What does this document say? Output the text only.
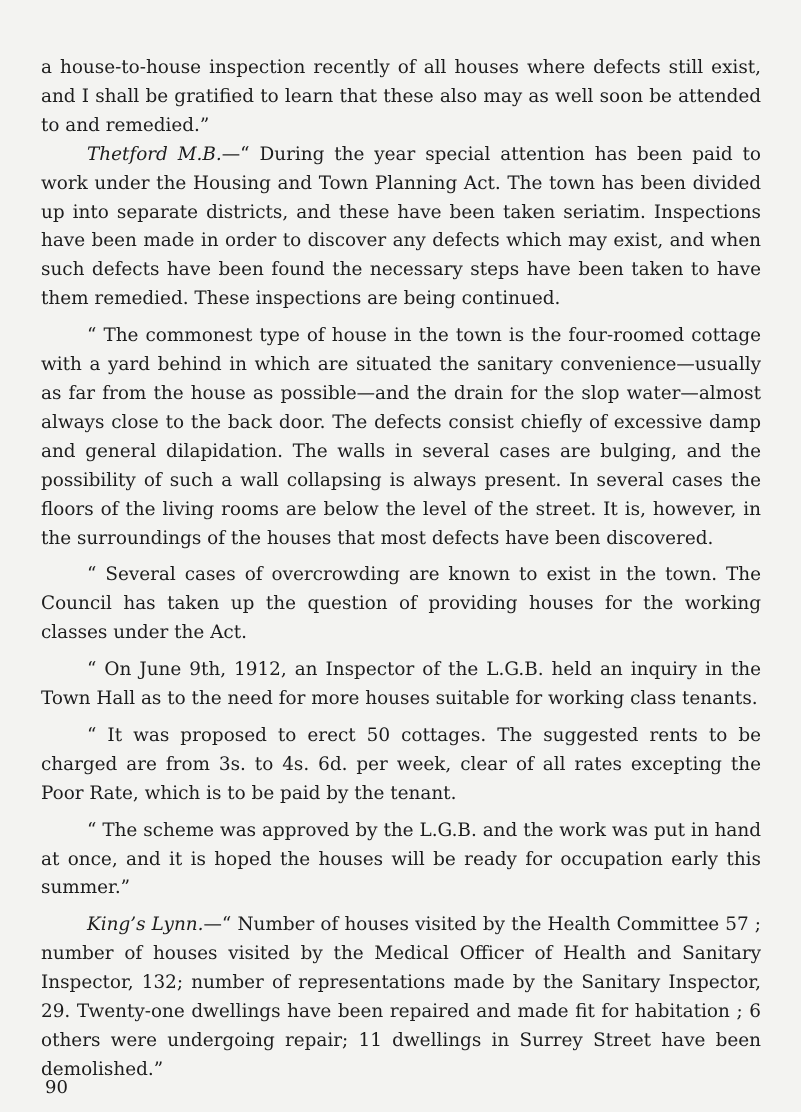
a house-to-house inspection recently of all houses where defects still exist, and I shall be gratified to learn that these also may as well soon be attended to and remedied.”

Thetford M.B.—“ During the year special attention has been paid to work under the Housing and Town Planning Act. The town has been divided up into separate districts, and these have been taken seriatim. Inspections have been made in order to discover any defects which may exist, and when such defects have been found the necessary steps have been taken to have them remedied. These inspections are being continued.

“ The commonest type of house in the town is the four-roomed cottage with a yard behind in which are situated the sanitary convenience—usually as far from the house as possible—and the drain for the slop water—almost always close to the back door. The defects consist chiefly of excessive damp and general dilapidation. The walls in several cases are bulging, and the possibility of such a wall collapsing is always present. In several cases the floors of the living rooms are below the level of the street. It is, however, in the surroundings of the houses that most defects have been discovered.

“ Several cases of overcrowding are known to exist in the town. The Council has taken up the question of providing houses for the working classes under the Act.

“ On June 9th, 1912, an Inspector of the L.G.B. held an inquiry in the Town Hall as to the need for more houses suitable for working class tenants.

“ It was proposed to erect 50 cottages. The suggested rents to be charged are from 3s. to 4s. 6d. per week, clear of all rates excepting the Poor Rate, which is to be paid by the tenant.

“ The scheme was approved by the L.G.B. and the work was put in hand at once, and it is hoped the houses will be ready for occupation early this summer.”

King’s Lynn.—“ Number of houses visited by the Health Committee 57 ; number of houses visited by the Medical Officer of Health and Sanitary Inspector, 132; number of representations made by the Sanitary Inspector, 29. Twenty-one dwellings have been repaired and made fit for habitation ; 6 others were undergoing repair; 11 dwellings in Surrey Street have been demolished.”

90
